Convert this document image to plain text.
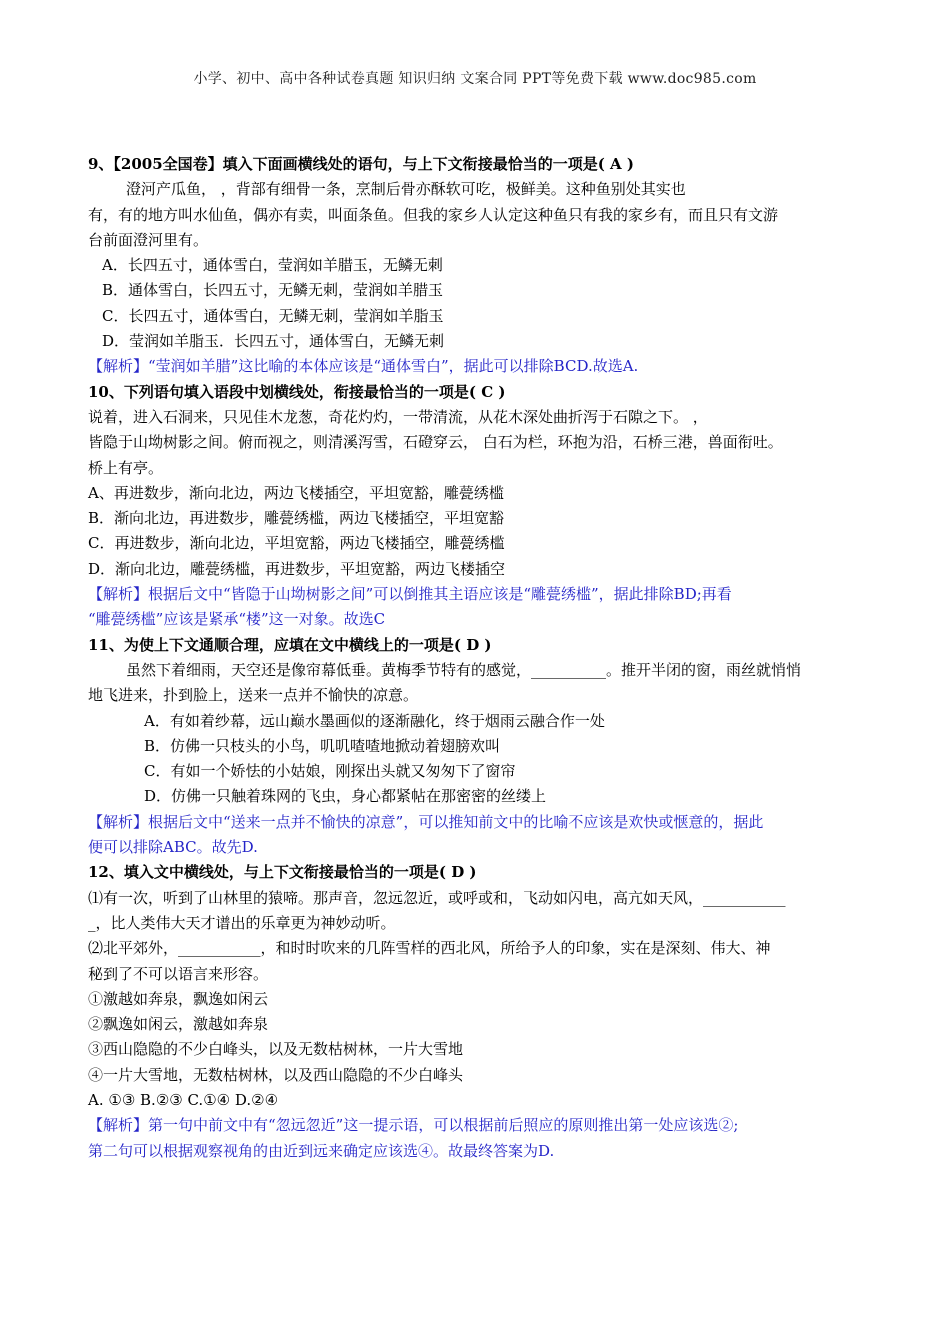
小学、初中、高中各种试卷真题 知识归纳 文案合同 PPT等免费下载 www.doc985.com
9、【2005全国卷】填入下面画横线处的语句，与上下文衔接最恰当的一项是( A )
澄河产瓜鱼， ，背部有细骨一条，烹制后骨亦酥软可吃，极鲜美。这种鱼别处其实也
有，有的地方叫水仙鱼，偶亦有卖，叫面条鱼。但我的家乡人认定这种鱼只有我的家乡有，而且只有文游
台前面澄河里有。
A．长四五寸，通体雪白，莹润如羊腊玉，无鳞无刺
B．通体雪白，长四五寸，无鳞无刺，莹润如羊腊玉
C．长四五寸，通体雪白，无鳞无刺，莹润如羊脂玉
D．莹润如羊脂玉．长四五寸，通体雪白，无鳞无刺
【解析】“莹润如羊腊”这比喻的本体应该是“通体雪白”，据此可以排除BCD.故选A.
10、下列语句填入语段中划横线处，衔接最恰当的一项是( C )
说着，进入石洞来，只见佳木龙葱，奇花灼灼，一带清流，从花木深处曲折泻于石隙之下。 ，
皆隐于山坳树影之间。俯而视之，则清溪泻雪，石磴穿云， 白石为栏，环抱为沿，石桥三港，兽面衔吐。
桥上有亭。
A、再进数步，渐向北边，两边飞楼插空，平坦宽豁，雕甍绣槛
B．渐向北边，再进数步，雕甍绣槛，两边飞楼插空，平坦宽豁
C．再进数步，渐向北边，平坦宽豁，两边飞楼插空，雕甍绣槛
D．渐向北边，雕甍绣槛，再进数步，平坦宽豁，两边飞楼插空
【解析】根据后文中“皆隐于山坳树影之间”可以倒推其主语应该是“雕甍绣槛”，据此排除BD;再看
“雕甍绣槛”应该是紧承“楼”这一对象。故选C
11、为使上下文通顺合理，应填在文中横线上的一项是( D )
虽然下着细雨，天空还是像帘幕低垂。黄梅季节特有的感觉，__________。推开半闭的窗，雨丝就悄悄
地飞进来，扑到脸上，送来一点并不愉快的凉意。
A．有如着纱幕，远山巅水墨画似的逐渐融化，终于烟雨云融合作一处
B．仿佛一只枝头的小鸟，叽叽喳喳地掀动着翅膀欢叫
C．有如一个娇怯的小姑娘，刚探出头就又匆匆下了窗帘
D．仿佛一只触着珠网的飞虫，身心都紧帖在那密密的丝缕上
【解析】根据后文中“送来一点并不愉快的凉意”，可以推知前文中的比喻不应该是欢快或惬意的，据此
便可以排除ABC。故先D.
12、填入文中横线处，与上下文衔接最恰当的一项是( D )
⑴有一次，听到了山林里的猿啼。那声音，忽远忽近，或呼或和，飞动如闪电，高亢如天风，___________
_，比人类伟大天才谱出的乐章更为神妙动听。
⑵北平郊外，___________，和时时吹来的几阵雪样的西北风，所给予人的印象，实在是深刻、伟大、神
秘到了不可以语言来形容。
①激越如奔泉，飘逸如闲云
②飘逸如闲云，激越如奔泉
③西山隐隐的不少白峰头，以及无数枯树林，一片大雪地
④一片大雪地，无数枯树林，以及西山隐隐的不少白峰头
A. ①③ B.②③ C.①④ D.②④
【解析】第一句中前文中有“忽远忽近”这一提示语，可以根据前后照应的原则推出第一处应该选②;
第二句可以根据观察视角的由近到远来确定应该选④。故最终答案为D.
